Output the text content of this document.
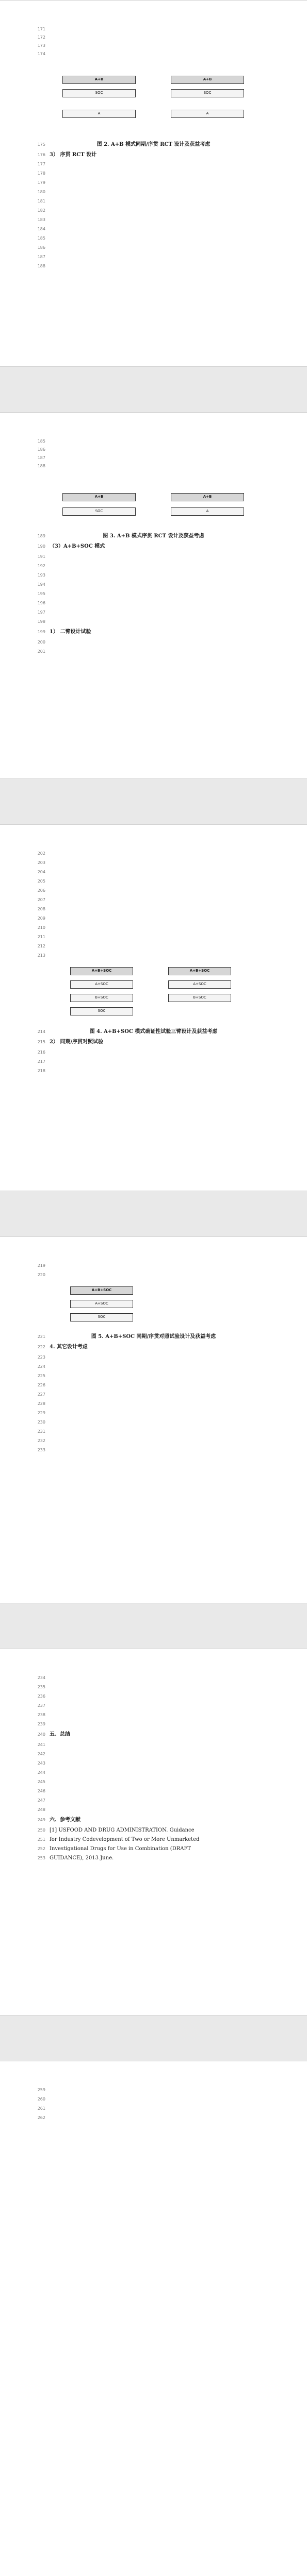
171
172
173
174
A+B
SOC
A
A+B
SOC
A
175	图 2. A+B 模式同期/序贯 RCT 设计及获益考虑
176 3） 序贯 RCT 设计
177
178
179
180
181
182
183
184
185
186
187
188
185
186
187
188
A+B
SOC
A+B
A
189	图 3. A+B 模式序贯 RCT 设计及获益考虑
190 （3）A+B+SOC 模式
191
192
193
194
195
196
197
198
199 1） 二臂设计试验
200
201
202
203
204
205
206
207
208
209
210
211
212
213
A+B+SOC
A+SOC
B+SOC
SOC
A+B+SOC
A+SOC
B+SOC
214	图 4. A+B+SOC 模式确证性试验三臂设计及获益考虑
215 2） 同期/序贯对照试验
216
217
218
219
220
A+B+SOC
A+SOC
SOC
221	图 5. A+B+SOC 同期/序贯对照试验设计及获益考虑
222 4. 其它设计考虑
223
224
225
226
227
228
229
230
231
232
233
234
235
236
237
238
239
240 五、总结
241
242
243
244
245
246
247
248
249 六、参考文献
250 [1] USFOOD AND DRUG ADMINISTRATION. Guidance
251 for Industry Codevelopment of Two or More Unmarketed
252 Investigational Drugs for Use in Combination (DRAFT
253 GUIDANCE), 2013 June.
259
260
261
262
